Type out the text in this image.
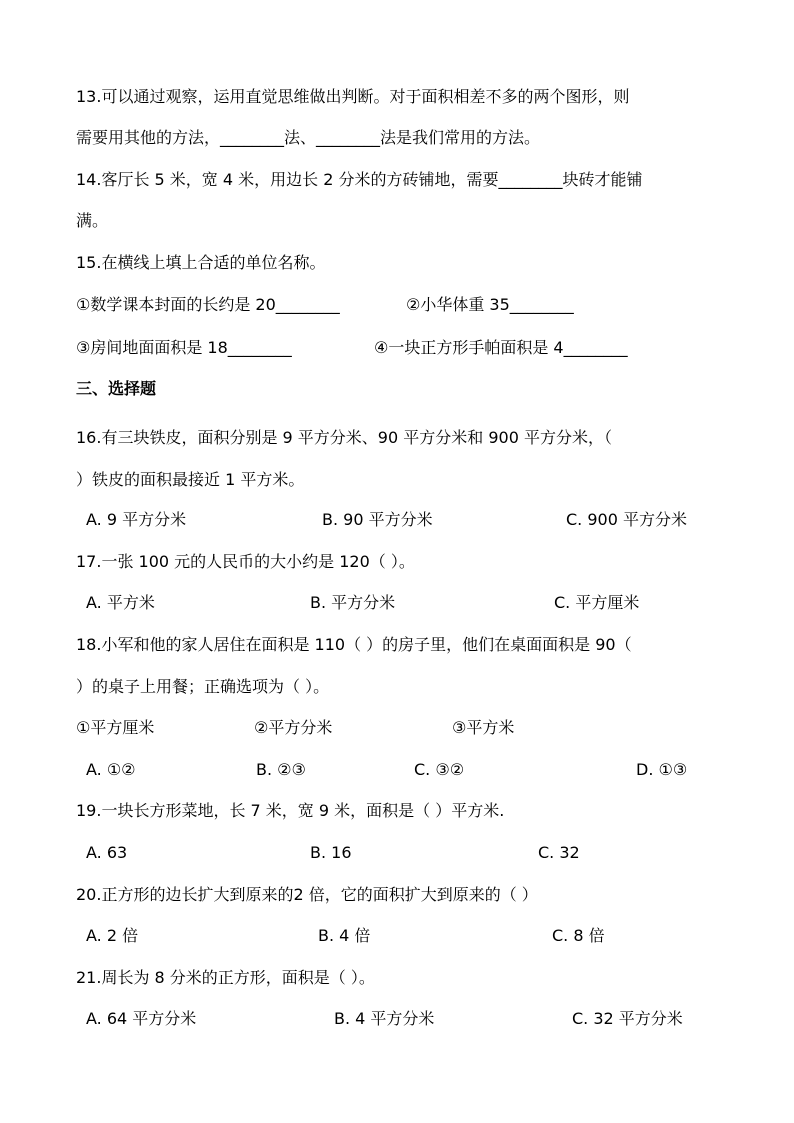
13.可以通过观察，运用直觉思维做出判断。对于面积相差不多的两个图形，则
需要用其他的方法，________法、________法是我们常用的方法。
14.客厅长 5 米，宽 4 米，用边长 2 分米的方砖铺地，需要________块砖才能铺
满。
15.在横线上填上合适的单位名称。
①数学课本封面的长约是 20________	②小华体重 35________
③房间地面面积是 18________	④一块正方形手帕面积是 4________
三、选择题
16.有三块铁皮，面积分别是 9 平方分米、90 平方分米和 900 平方分米，（
）铁皮的面积最接近 1 平方米。
A. 9 平方分米	B. 90 平方分米	C. 900 平方分米
17.一张 100 元的人民币的大小约是 120（ ）。
A. 平方米	B. 平方分米	C. 平方厘米
18.小军和他的家人居住在面积是 110（ ）的房子里，他们在桌面面积是 90（
）的桌子上用餐；正确选项为（ ）。
①平方厘米	②平方分米	③平方米
A. ①②	B. ②③	C. ③②	D. ①③
19.一块长方形菜地，长 7 米，宽 9 米，面积是（ ）平方米.
A. 63	B. 16	C. 32
20.正方形的边长扩大到原来的2 倍，它的面积扩大到原来的（ ）
A. 2 倍	B. 4 倍	C. 8 倍
21.周长为 8 分米的正方形，面积是（ ）。
A. 64 平方分米	B. 4 平方分米	C. 32 平方分米
